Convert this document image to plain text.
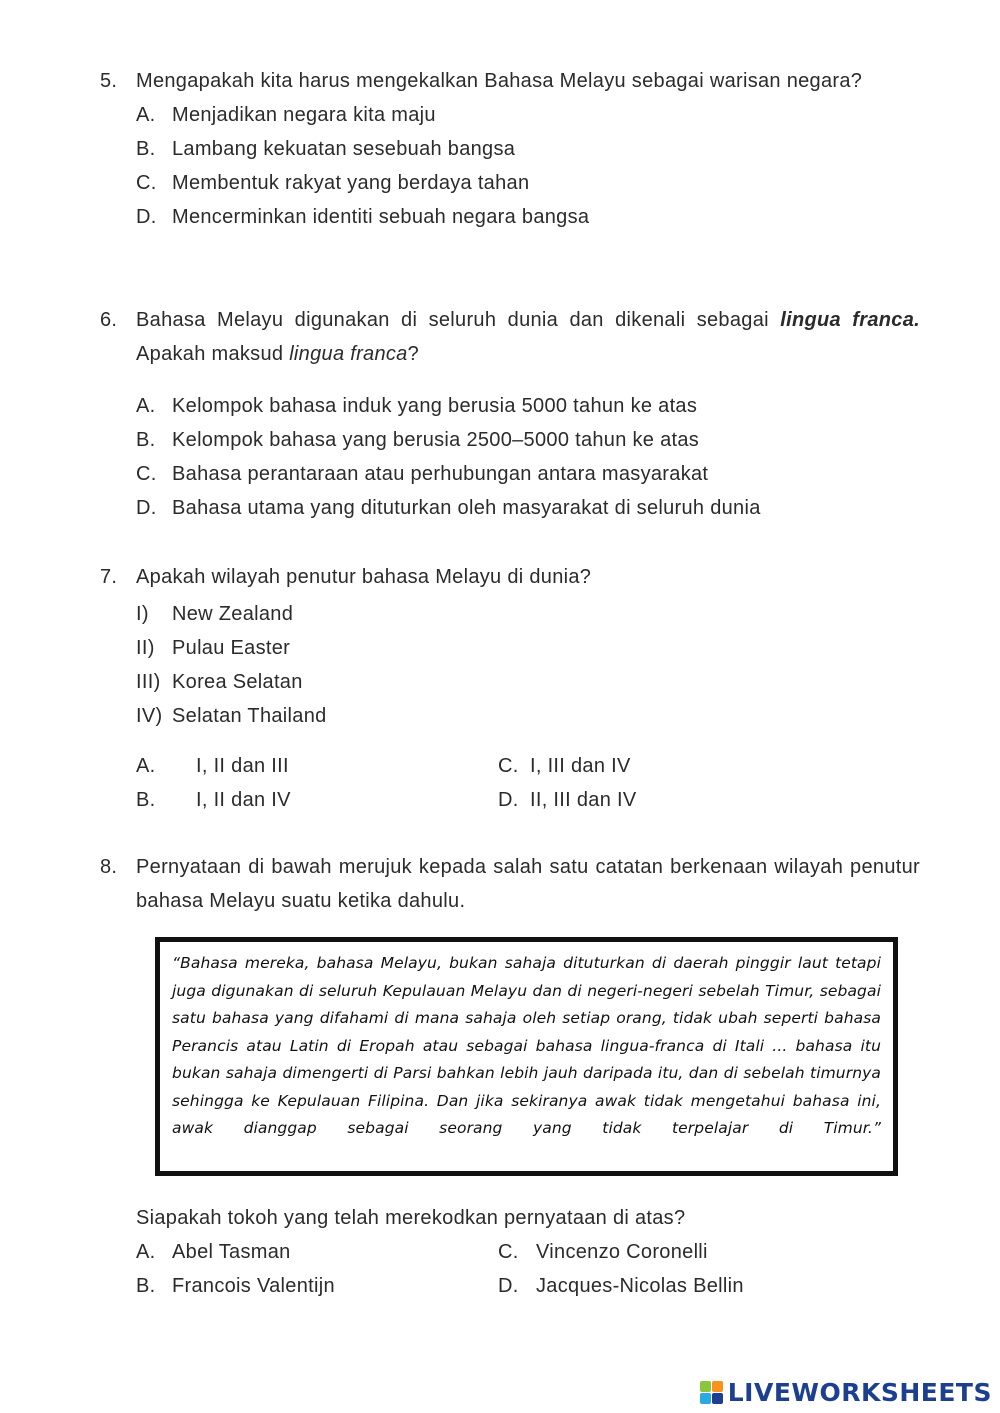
5. Mengapakah kita harus mengekalkan Bahasa Melayu sebagai warisan negara?
A. Menjadikan negara kita maju
B. Lambang kekuatan sesebuah bangsa
C. Membentuk rakyat yang berdaya tahan
D. Mencerminkan identiti sebuah negara bangsa
6. Bahasa Melayu digunakan di seluruh dunia dan dikenali sebagai lingua franca. Apakah maksud lingua franca?
A. Kelompok bahasa induk yang berusia 5000 tahun ke atas
B. Kelompok bahasa yang berusia 2500–5000 tahun ke atas
C. Bahasa perantaraan atau perhubungan antara masyarakat
D. Bahasa utama yang dituturkan oleh masyarakat di seluruh dunia
7. Apakah wilayah penutur bahasa Melayu di dunia?
I) New Zealand
II) Pulau Easter
III) Korea Selatan
IV) Selatan Thailand
A. I, II dan III	C. I, III dan IV
B. I, II dan IV	D. II, III dan IV
8. Pernyataan di bawah merujuk kepada salah satu catatan berkenaan wilayah penutur bahasa Melayu suatu ketika dahulu.
“Bahasa mereka, bahasa Melayu, bukan sahaja dituturkan di daerah pinggir laut tetapi juga digunakan di seluruh Kepulauan Melayu dan di negeri-negeri sebelah Timur, sebagai satu bahasa yang difahami di mana sahaja oleh setiap orang, tidak ubah seperti bahasa Perancis atau Latin di Eropah atau sebagai bahasa lingua-franca di Itali ... bahasa itu bukan sahaja dimengerti di Parsi bahkan lebih jauh daripada itu, dan di sebelah timurnya sehingga ke Kepulauan Filipina. Dan jika sekiranya awak tidak mengetahui bahasa ini, awak dianggap sebagai seorang yang tidak terpelajar di Timur.”
Siapakah tokoh yang telah merekodkan pernyataan di atas?
A. Abel Tasman	C. Vincenzo Coronelli
B. Francois Valentijn	D. Jacques-Nicolas Bellin
LIVEWORKSHEETS
